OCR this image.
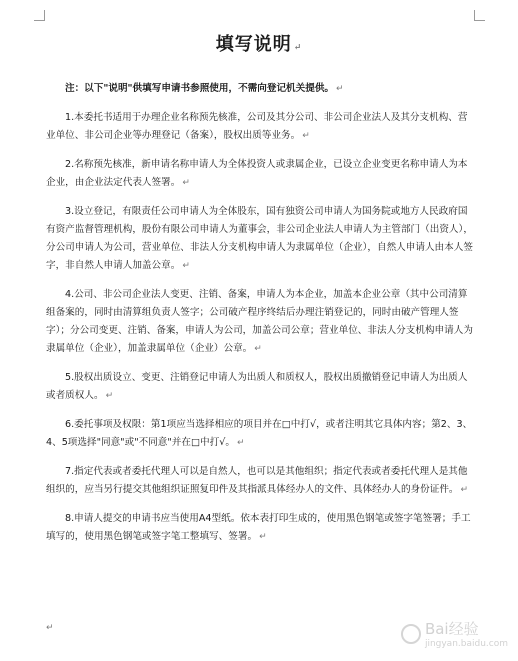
填写说明 ↵

注：以下"说明"供填写申请书参照使用，不需向登记机关提供。 ↵

1.本委托书适用于办理企业名称预先核准，公司及其分公司、非公司企业法人及其分支机构、营业单位、非公司企业等办理登记（备案），股权出质等业务。 ↵

2.名称预先核准，新申请名称申请人为全体投资人或隶属企业，已设立企业变更名称申请人为本企业，由企业法定代表人签署。 ↵

3.设立登记，有限责任公司申请人为全体股东，国有独资公司申请人为国务院或地方人民政府国有资产监督管理机构，股份有限公司申请人为董事会，非公司企业法人申请人为主管部门（出资人），分公司申请人为公司，营业单位、非法人分支机构申请人为隶属单位（企业），自然人申请人由本人签字，非自然人申请人加盖公章。 ↵

4.公司、非公司企业法人变更、注销、备案，申请人为本企业，加盖本企业公章（其中公司清算组备案的，同时由清算组负责人签字；公司破产程序终结后办理注销登记的，同时由破产管理人签字）；分公司变更、注销、备案，申请人为公司，加盖公司公章；营业单位、非法人分支机构申请人为隶属单位（企业），加盖隶属单位（企业）公章。 ↵

5.股权出质设立、变更、注销登记申请人为出质人和质权人，股权出质撤销登记申请人为出质人或者质权人。 ↵

6.委托事项及权限：第1项应当选择相应的项目并在□中打√，或者注明其它具体内容；第2、3、4、5项选择"同意"或"不同意"并在□中打√。 ↵

7.指定代表或者委托代理人可以是自然人，也可以是其他组织；指定代表或者委托代理人是其他组织的，应当另行提交其他组织证照复印件及其指派具体经办人的文件、具体经办人的身份证件。 ↵

8.申请人提交的申请书应当使用A4型纸。依本表打印生成的，使用黑色钢笔或签字笔签署；手工填写的，使用黑色钢笔或签字笔工整填写、签署。 ↵

↵	Bai经验
jingyan.baidu.com
